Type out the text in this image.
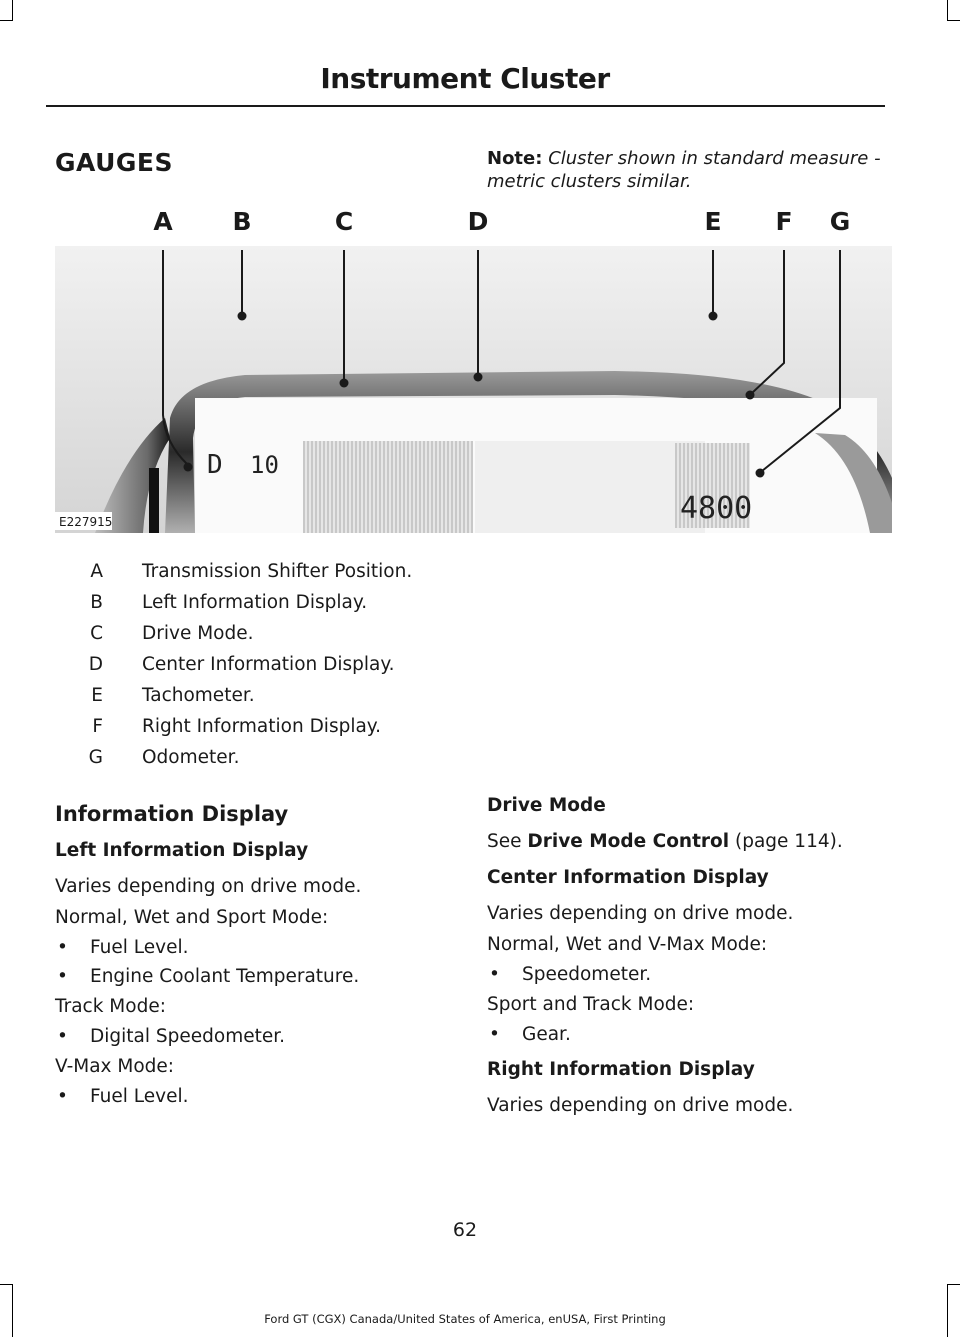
Instrument Cluster
GAUGES	Note: Cluster shown in standard measure - metric clusters similar.
A B	C	D	E F G
D 10
4800
E227915
A	Transmission Shifter Position.
B	Left Information Display.
C	Drive Mode.
D	Center Information Display.
E	Tachometer.
F	Right Information Display.
G	Odometer.
Information Display
Left Information Display
Varies depending on drive mode.
Normal, Wet and Sport Mode:
•	Fuel Level.
•	Engine Coolant Temperature.
Track Mode:
•	Digital Speedometer.
V-Max Mode:
•	Fuel Level.
Drive Mode
See Drive Mode Control (page 114).
Center Information Display
Varies depending on drive mode.
Normal, Wet and V-Max Mode:
•	Speedometer.
Sport and Track Mode:
•	Gear.
Right Information Display
Varies depending on drive mode.
62
Ford GT (CGX) Canada/United States of America, enUSA, First Printing
